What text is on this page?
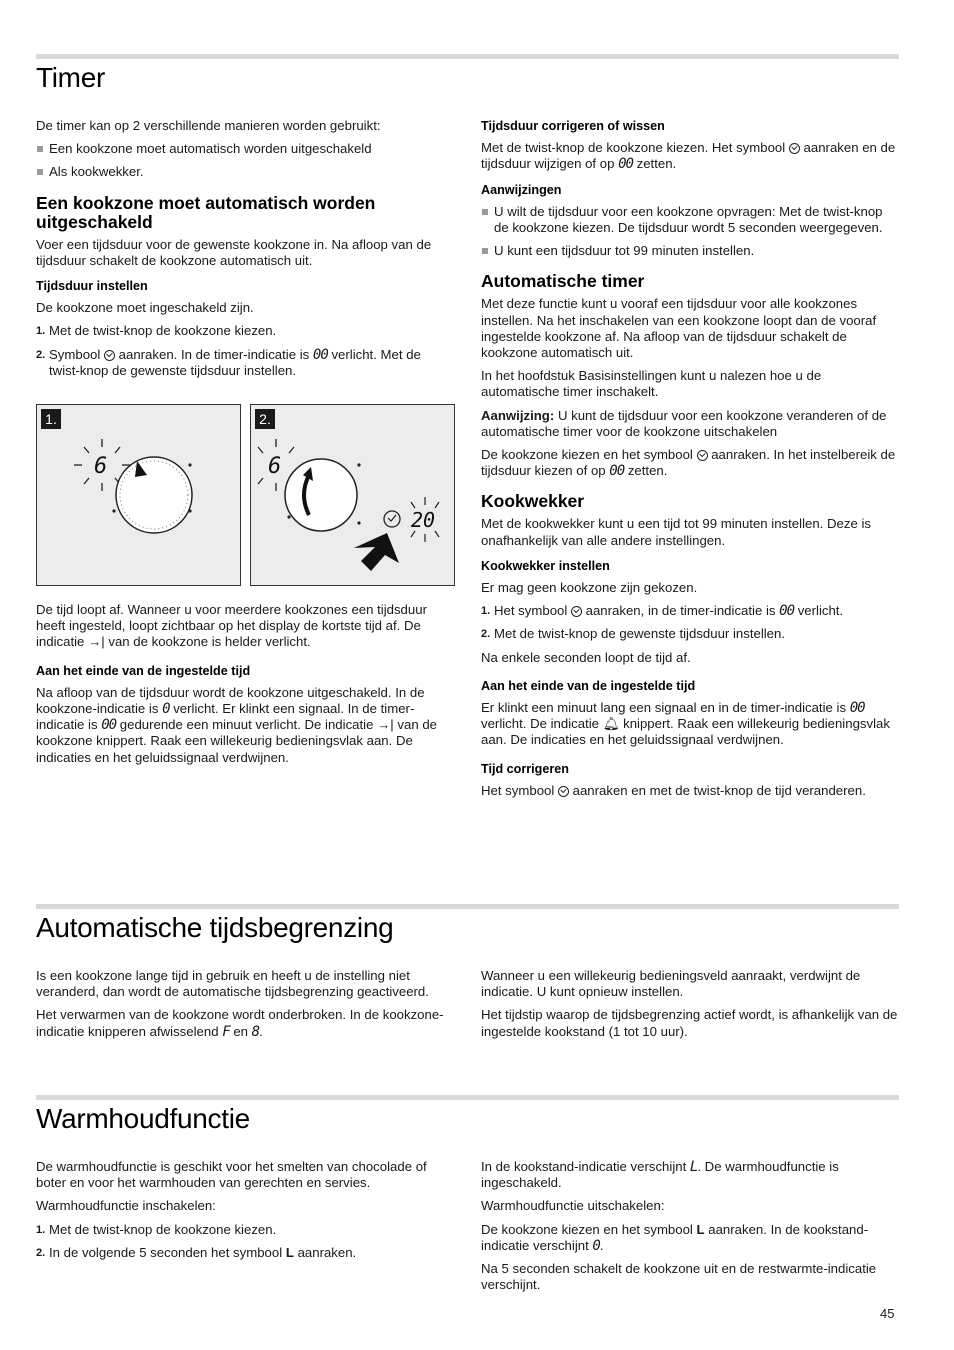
Timer

De timer kan op 2 verschillende manieren worden gebruikt:

Een kookzone moet automatisch worden uitgeschakeld
Als kookwekker.
Een kookzone moet automatisch worden uitgeschakeld

Voer een tijdsduur voor de gewenste kookzone in. Na afloop van de tijdsduur schakelt de kookzone automatisch uit.

Tijdsduur instellen

De kookzone moet ingeschakeld zijn.

1. Met de twist-knop de kookzone kiezen.
2. Symbool aanraken. In de timer-indicatie is 00 verlicht. Met de twist-knop de gewenste tijdsduur instellen.
1.
6
2.
6
20

De tijd loopt af. Wanneer u voor meerdere kookzones een tijdsduur heeft ingesteld, loopt zichtbaar op het display de kortste tijd af. De indicatie →| van de kookzone is helder verlicht.

Aan het einde van de ingestelde tijd

Na afloop van de tijdsduur wordt de kookzone uitgeschakeld. In de kookzone-indicatie is 0 verlicht. Er klinkt een signaal. In de timer-indicatie is 00 gedurende een minuut verlicht. De indicatie →| van de kookzone knippert. Raak een willekeurig bedieningsvlak aan. De indicaties en het geluidssignaal verdwijnen.

Tijdsduur corrigeren of wissen

Met de twist-knop de kookzone kiezen. Het symbool aanraken en de tijdsduur wijzigen of op 00 zetten.

Aanwijzingen
U wilt de tijdsduur voor een kookzone opvragen: Met de twist-knop de kookzone kiezen. De tijdsduur wordt 5 seconden weergegeven.
U kunt een tijdsduur tot 99 minuten instellen.
Automatische timer

Met deze functie kunt u vooraf een tijdsduur voor alle kookzones instellen. Na het inschakelen van een kookzone loopt dan de vooraf ingestelde kookzone af. Na afloop van de tijdsduur schakelt de kookzone automatisch uit.

In het hoofdstuk Basisinstellingen kunt u nalezen hoe u de automatische timer inschakelt.

Aanwijzing: U kunt de tijdsduur voor een kookzone veranderen of de automatische timer voor de kookzone uitschakelen

De kookzone kiezen en het symbool aanraken. In het instelbereik de tijdsduur kiezen of op 00 zetten.

Kookwekker

Met de kookwekker kunt u een tijd tot 99 minuten instellen. Deze is onafhankelijk van alle andere instellingen.

Kookwekker instellen

Er mag geen kookzone zijn gekozen.

1. Het symbool aanraken, in de timer-indicatie is 00 verlicht.
2. Met de twist-knop de gewenste tijdsduur instellen.

Na enkele seconden loopt de tijd af.

Aan het einde van de ingestelde tijd

Er klinkt een minuut lang een signaal en in de timer-indicatie is 00 verlicht. De indicatie 🔔︎ knippert. Raak een willekeurig bedieningsvlak aan. De indicaties en het geluidssignaal verdwijnen.

Tijd corrigeren

Het symbool aanraken en met de twist-knop de tijd veranderen.

Automatische tijdsbegrenzing

Is een kookzone lange tijd in gebruik en heeft u de instelling niet veranderd, dan wordt de automatische tijdsbegrenzing geactiveerd.

Het verwarmen van de kookzone wordt onderbroken. In de kookzone-indicatie knipperen afwisselend F en 8.

Wanneer u een willekeurig bedieningsveld aanraakt, verdwijnt de indicatie. U kunt opnieuw instellen.

Het tijdstip waarop de tijdsbegrenzing actief wordt, is afhankelijk van de ingestelde kookstand (1 tot 10 uur).

Warmhoudfunctie

De warmhoudfunctie is geschikt voor het smelten van chocolade of boter en voor het warmhouden van gerechten en servies.

Warmhoudfunctie inschakelen:

1. Met de twist-knop de kookzone kiezen.
2. In de volgende 5 seconden het symbool L aanraken.

In de kookstand-indicatie verschijnt L. De warmhoudfunctie is ingeschakeld.

Warmhoudfunctie uitschakelen:

De kookzone kiezen en het symbool L aanraken. In de kookstand-indicatie verschijnt 0.

Na 5 seconden schakelt de kookzone uit en de restwarmte-indicatie verschijnt.

45
